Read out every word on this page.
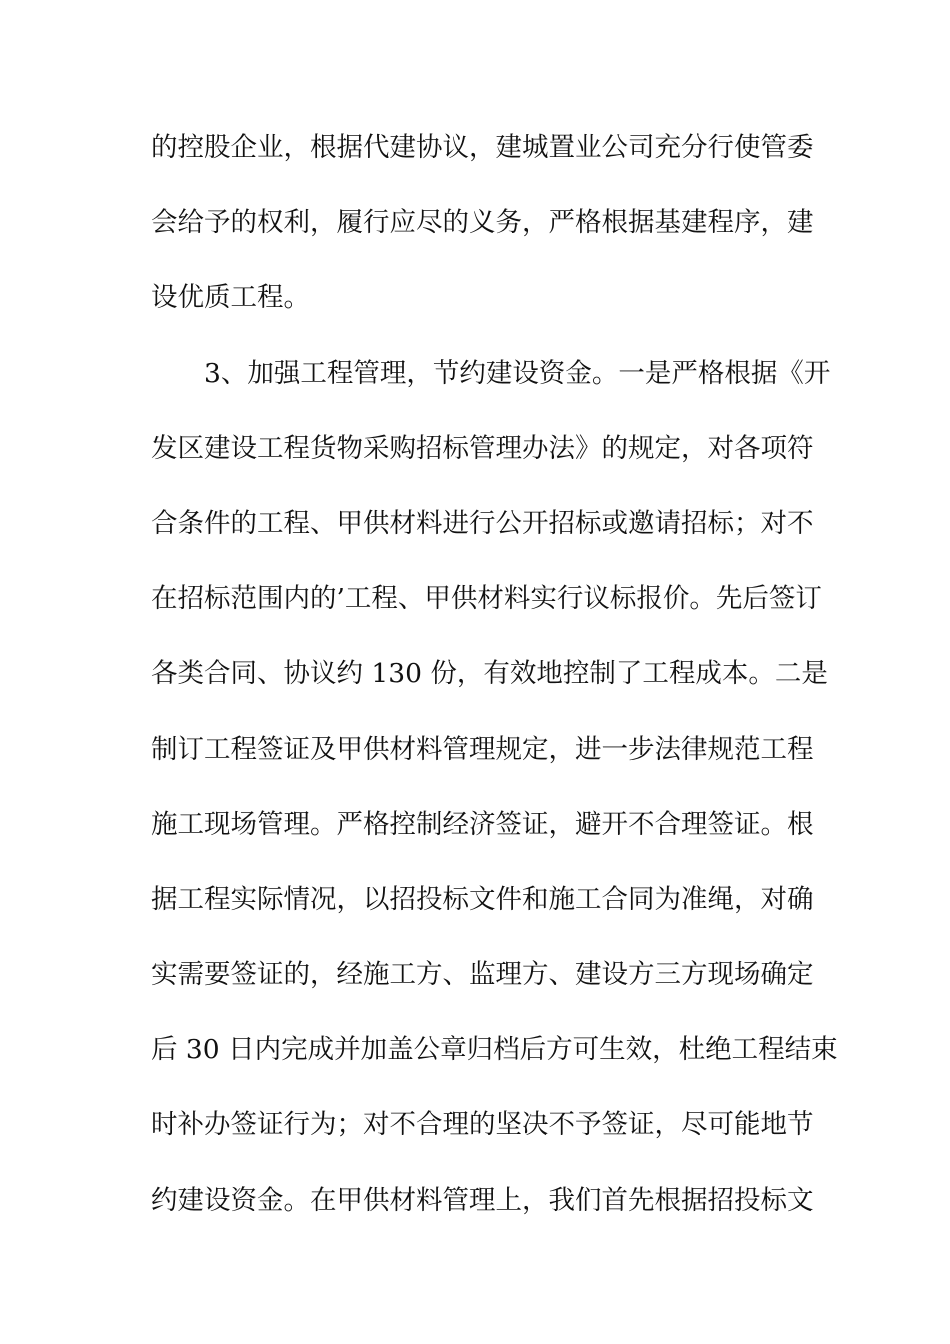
的控股企业，根据代建协议，建城置业公司充分行使管委
会给予的权利，履行应尽的义务，严格根据基建程序，建
设优质工程。
3、加强工程管理，节约建设资金。一是严格根据《开
发区建设工程货物采购招标管理办法》的规定，对各项符
合条件的工程、甲供材料进行公开招标或邀请招标；对不
在招标范围内的’工程、甲供材料实行议标报价。先后签订
各类合同、协议约 130 份，有效地控制了工程成本。二是
制订工程签证及甲供材料管理规定，进一步法律规范工程
施工现场管理。严格控制经济签证，避开不合理签证。根
据工程实际情况，以招投标文件和施工合同为准绳，对确
实需要签证的，经施工方、监理方、建设方三方现场确定
后 30 日内完成并加盖公章归档后方可生效，杜绝工程结束
时补办签证行为；对不合理的坚决不予签证，尽可能地节
约建设资金。在甲供材料管理上，我们首先根据招投标文
